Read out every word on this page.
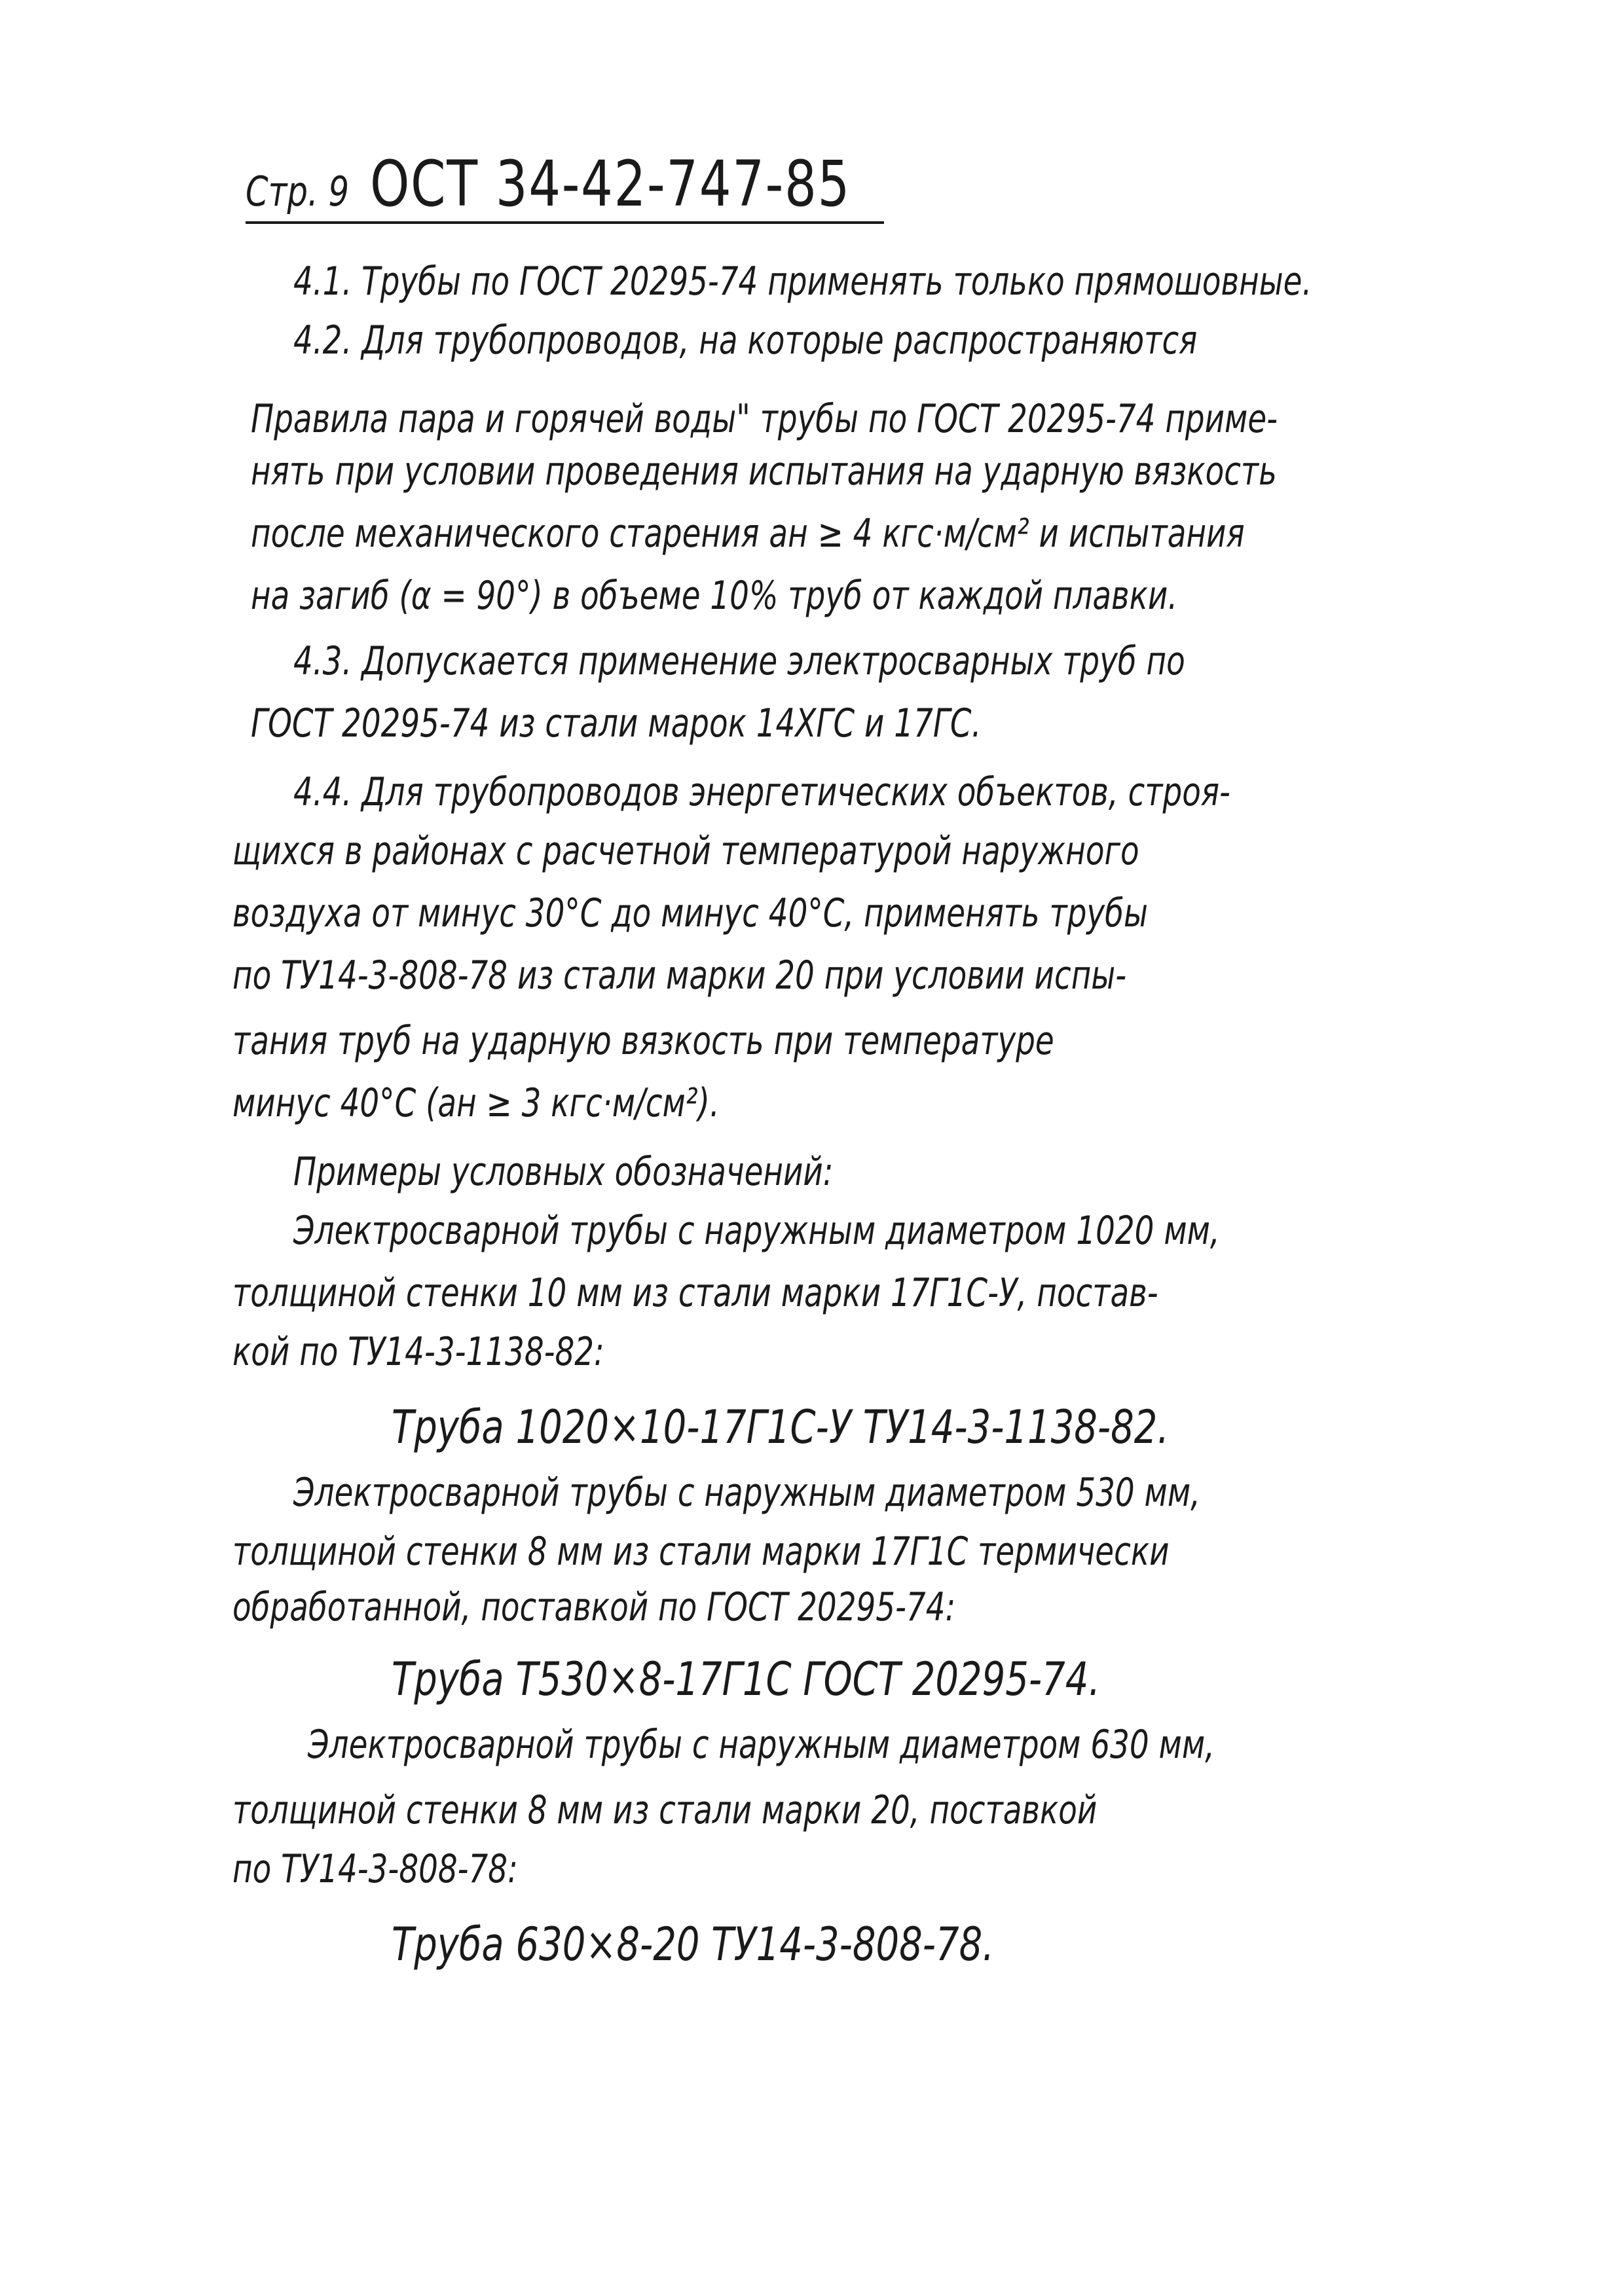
Стр. 9 ОСТ 34-42-747-85
4.1. Трубы по ГОСТ 20295-74 применять только прямошовные.
4.2. Для трубопроводов, на которые распространяются
Правила пара и горячей воды" трубы по ГОСТ 20295-74 приме-
нять при условии проведения испытания на ударную вязкость
после механического старения aн ≥ 4 кгс·м/см² и испытания
на загиб (α = 90°) в объеме 10% труб от каждой плавки.
4.3. Допускается применение электросварных труб по
ГОСТ 20295-74 из стали марок 14ХГС и 17ГС.
4.4. Для трубопроводов энергетических объектов, строя-
щихся в районах с расчетной температурой наружного
воздуха от минус 30°С до минус 40°С, применять трубы
по ТУ14-3-808-78 из стали марки 20 при условии испы-
тания труб на ударную вязкость при температуре
минус 40°С (aн ≥ 3 кгс·м/см²).
Примеры условных обозначений:
Электросварной трубы с наружным диаметром 1020 мм,
толщиной стенки 10 мм из стали марки 17Г1С-У, постав-
кой по ТУ14-3-1138-82:
Труба 1020×10-17Г1С-У ТУ14-3-1138-82.
Электросварной трубы с наружным диаметром 530 мм,
толщиной стенки 8 мм из стали марки 17Г1С термически
обработанной, поставкой по ГОСТ 20295-74:
Труба Т530×8-17Г1С ГОСТ 20295-74.
Электросварной трубы с наружным диаметром 630 мм,
толщиной стенки 8 мм из стали марки 20, поставкой
по ТУ14-3-808-78:
Труба 630×8-20 ТУ14-3-808-78.
